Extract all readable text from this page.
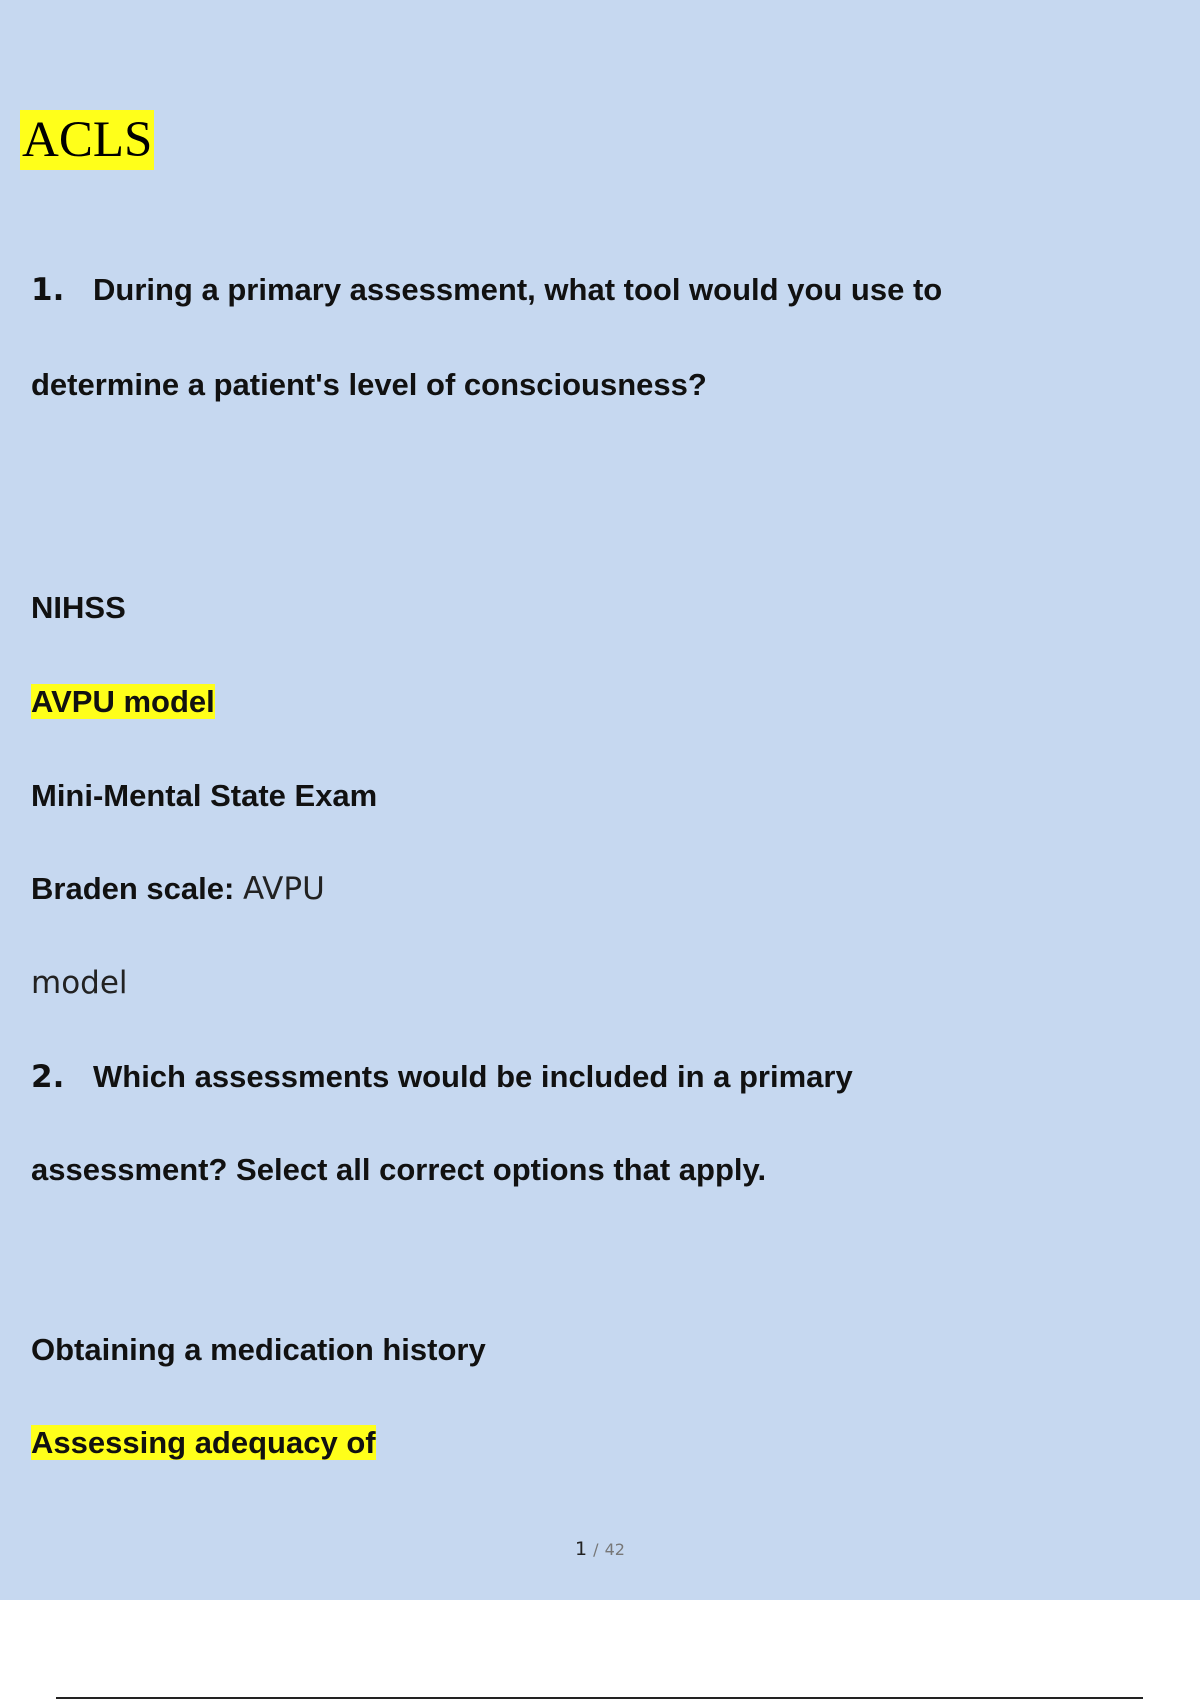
ACLS
1. During a primary assessment, what tool would you use to
determine a patient's level of consciousness?
NIHSS
AVPU model
Mini-Mental State Exam
Braden scale: AVPU
model
2. Which assessments would be included in a primary
assessment? Select all correct options that apply.
Obtaining a medication history
Assessing adequacy of
1 / 42
